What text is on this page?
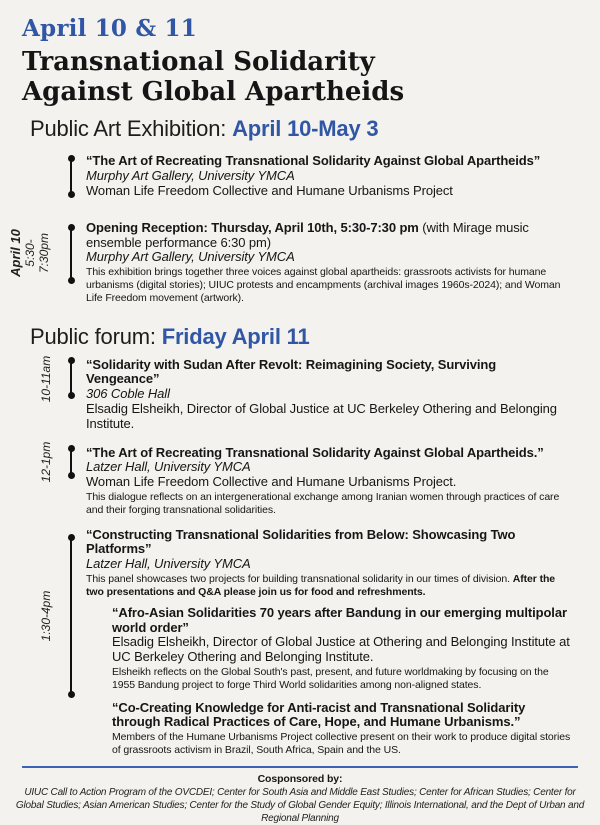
April 10 & 11
Transnational Solidarity
Against Global Apartheids
Public Art Exhibition: April 10-May 3
“The Art of Recreating Transnational Solidarity Against Global Apartheids”
Murphy Art Gallery, University YMCA
Woman Life Freedom Collective and Humane Urbanisms Project
April 10 5:30- 7:30pm
Opening Reception: Thursday, April 10th, 5:30-7:30 pm (with Mirage music ensemble performance 6:30 pm)
Murphy Art Gallery, University YMCA
This exhibition brings together three voices against global apartheids: grassroots activists for humane urbanisms (digital stories); UIUC protests and encampments (archival images 1960s-2024); and Woman Life Freedom movement (artwork).
Public forum: Friday April 11
10-11am	“Solidarity with Sudan After Revolt: Reimagining Society, Surviving Vengeance”
306 Coble Hall
Elsadig Elsheikh, Director of Global Justice at UC Berkeley Othering and Belonging Institute.
12-1pm	“The Art of Recreating Transnational Solidarity Against Global Apartheids.”
Latzer Hall, University YMCA
Woman Life Freedom Collective and Humane Urbanisms Project.
This dialogue reflects on an intergenerational exchange among Iranian women through practices of care and their forging transnational solidarities.
1:30-4pm
“Constructing Transnational Solidarities from Below: Showcasing Two Platforms”
Latzer Hall, University YMCA
This panel showcases two projects for building transnational solidarity in our times of division. After the two presentations and Q&A please join us for food and refreshments.
“Afro-Asian Solidarities 70 years after Bandung in our emerging multipolar world order”
Elsadig Elsheikh, Director of Global Justice at Othering and Belonging Institute at UC Berkeley Othering and Belonging Institute.
Elsheikh reflects on the Global South's past, present, and future worldmaking by focusing on the 1955 Bandung project to forge Third World solidarities among non-aligned states.
“Co-Creating Knowledge for Anti-racist and Transnational Solidarity through Radical Practices of Care, Hope, and Humane Urbanisms.”
Members of the Humane Urbanisms Project collective present on their work to produce digital stories of grassroots activism in Brazil, South Africa, Spain and the US.
Cosponsored by:
UIUC Call to Action Program of the OVCDEI; Center for South Asia and Middle East Studies; Center for African Studies; Center for Global Studies; Asian American Studies; Center for the Study of Global Gender Equity; Illinois International, and the Dept of Urban and Regional Planning
